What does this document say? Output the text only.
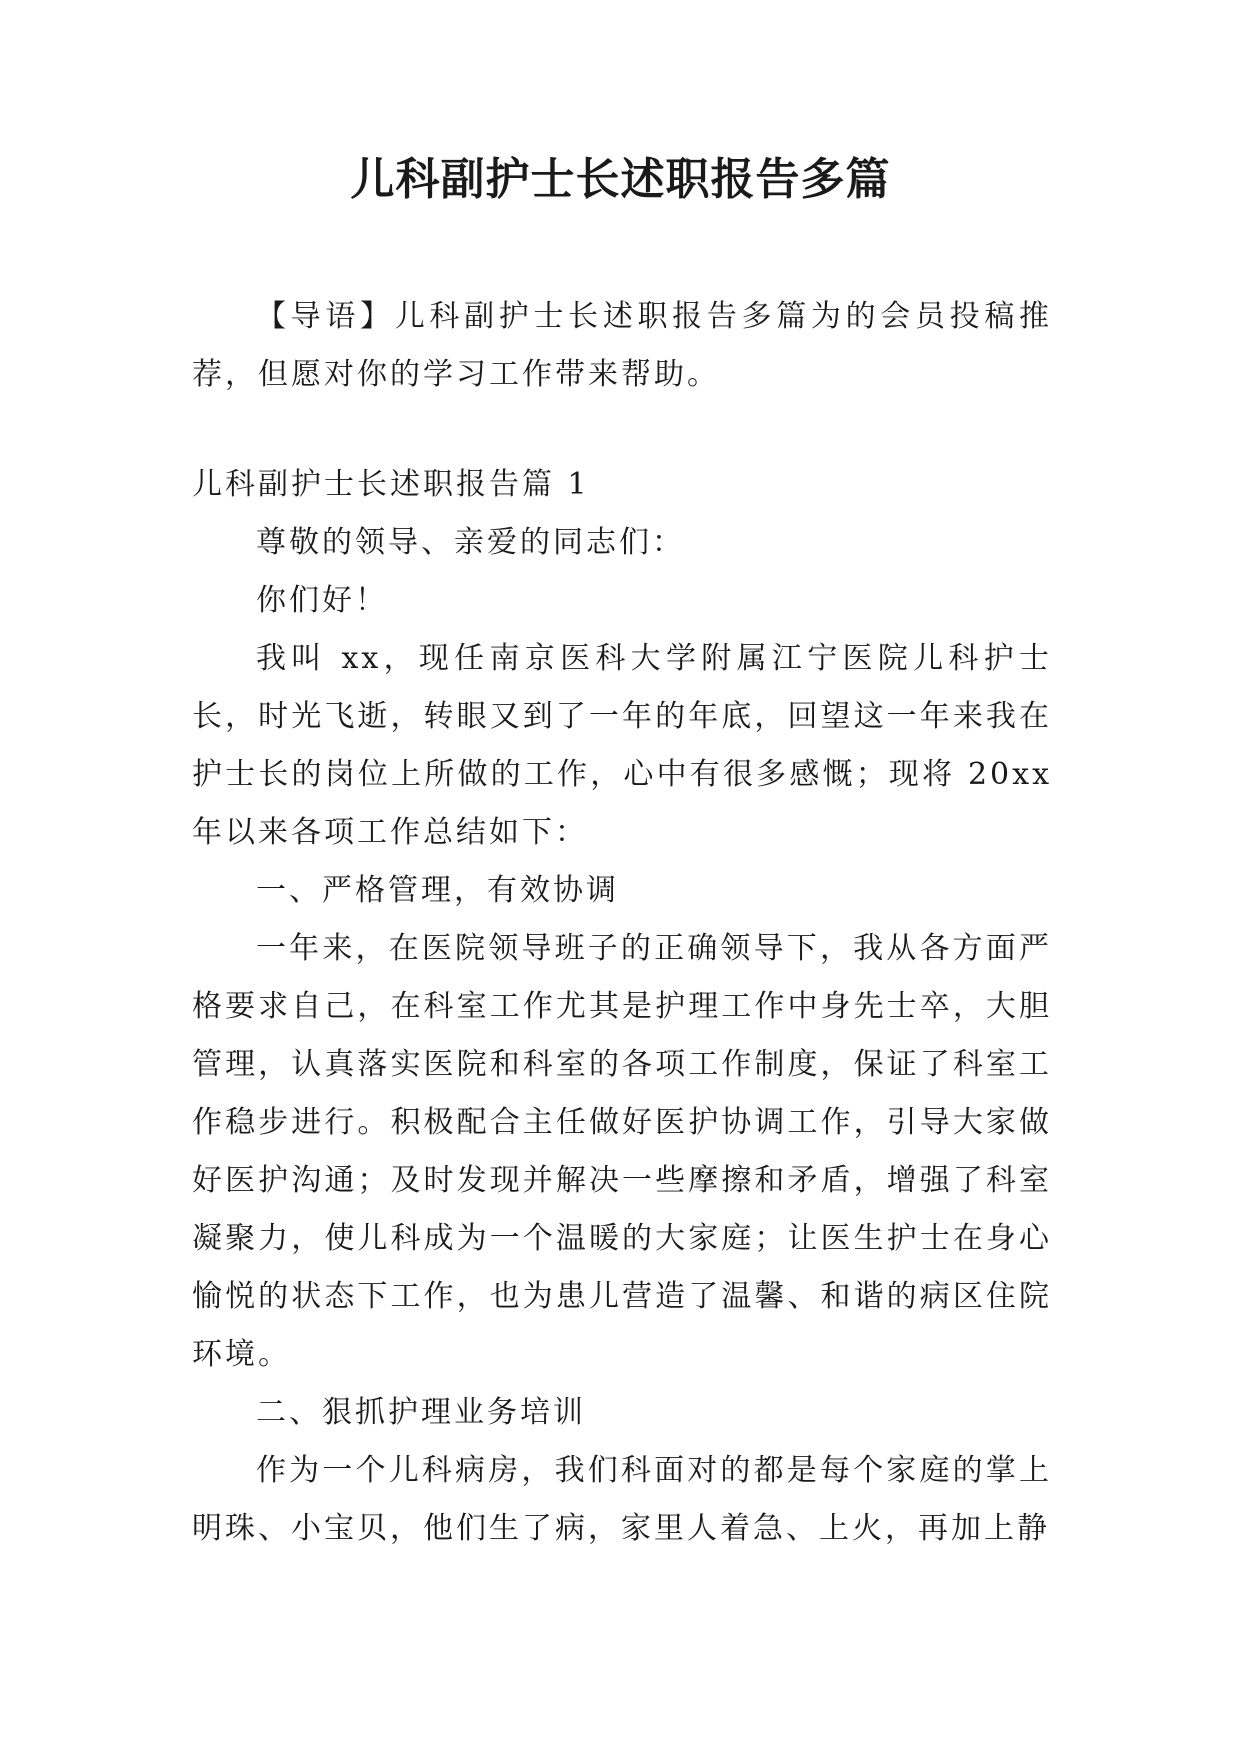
儿科副护士长述职报告多篇

【导语】儿科副护士长述职报告多篇为的会员投稿推荐，但愿对你的学习工作带来帮助。

儿科副护士长述职报告篇 1

尊敬的领导、亲爱的同志们：

你们好！

我叫 xx，现任南京医科大学附属江宁医院儿科护士长，时光飞逝，转眼又到了一年的年底，回望这一年来我在护士长的岗位上所做的工作，心中有很多感慨；现将 20xx 年以来各项工作总结如下：

一、严格管理，有效协调

一年来，在医院领导班子的正确领导下，我从各方面严格要求自己，在科室工作尤其是护理工作中身先士卒，大胆管理，认真落实医院和科室的各项工作制度，保证了科室工作稳步进行。积极配合主任做好医护协调工作，引导大家做好医护沟通；及时发现并解决一些摩擦和矛盾，增强了科室凝聚力，使儿科成为一个温暖的大家庭；让医生护士在身心愉悦的状态下工作，也为患儿营造了温馨、和谐的病区住院环境。

二、狠抓护理业务培训

作为一个儿科病房，我们科面对的都是每个家庭的掌上明珠、小宝贝，他们生了病，家里人着急、上火，再加上静
